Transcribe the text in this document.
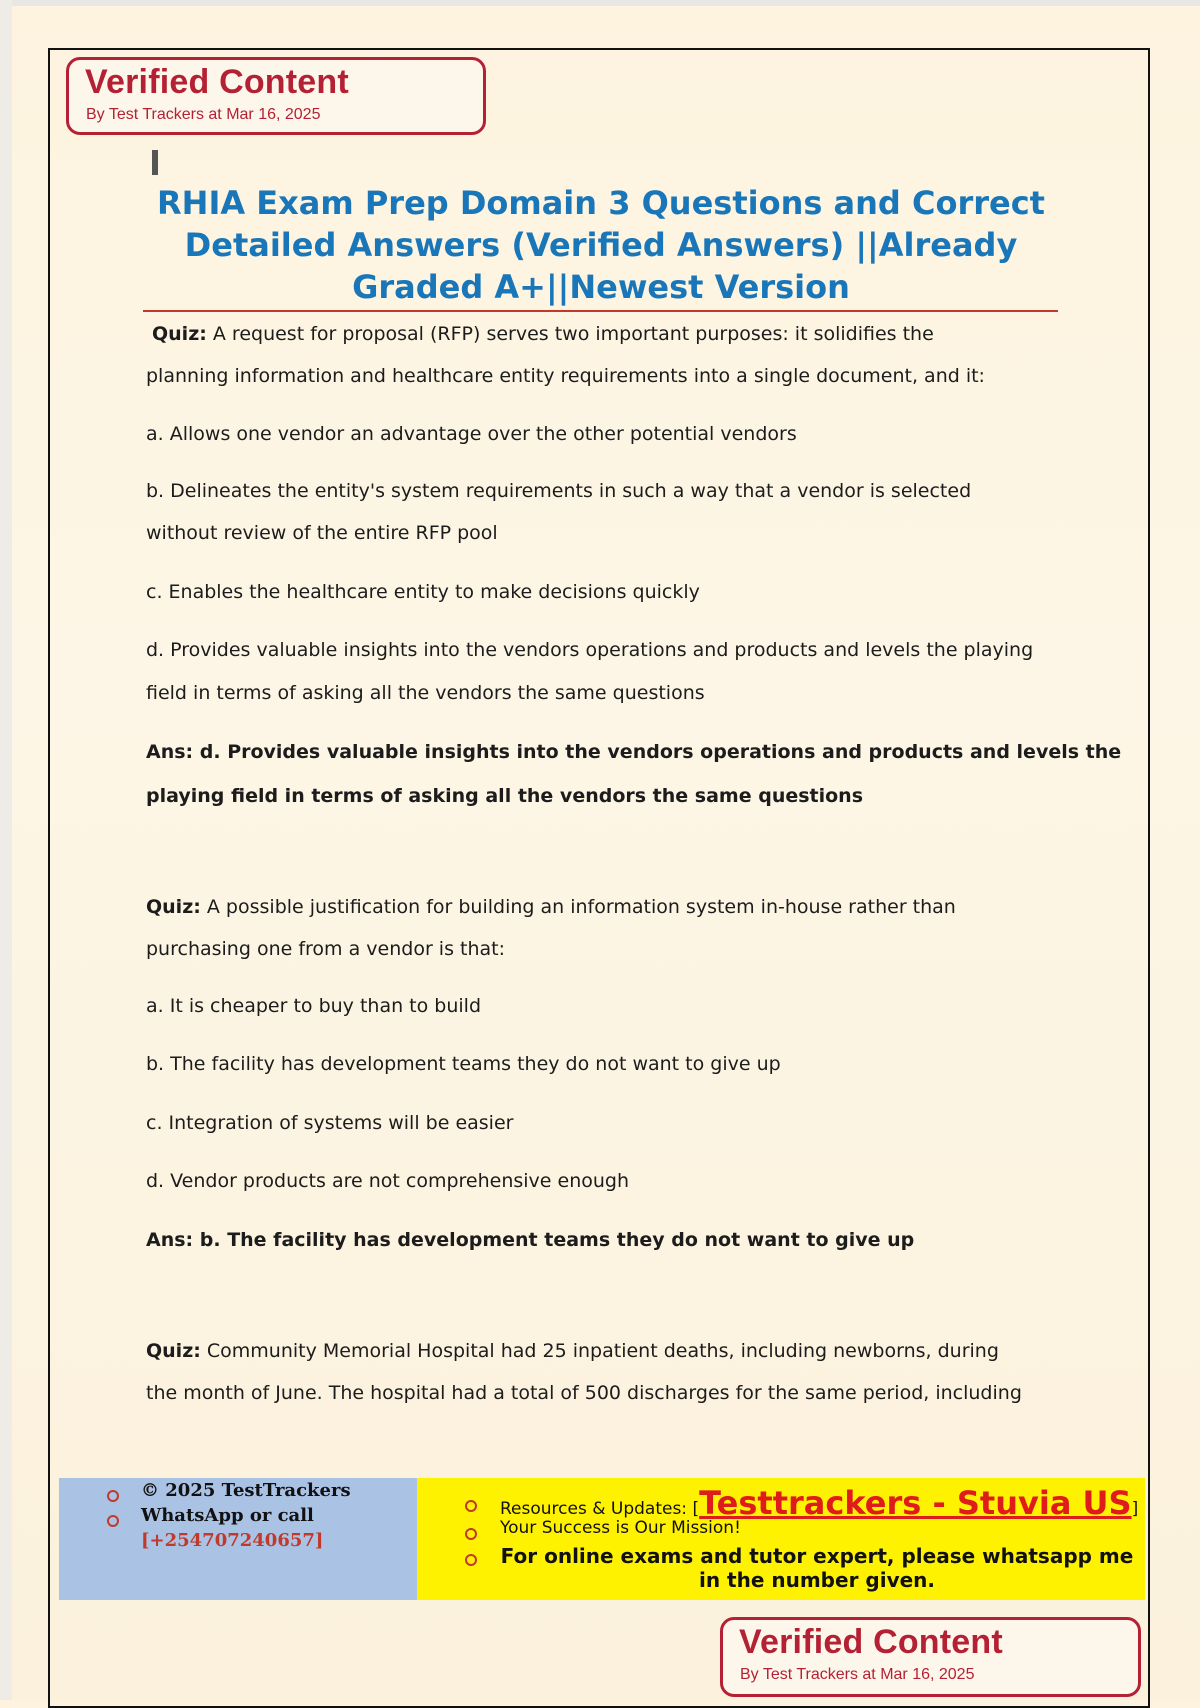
Verified Content
By Test Trackers at Mar 16, 2025
RHIA Exam Prep Domain 3 Questions and Correct
Detailed Answers (Verified Answers) ||Already
Graded A+||Newest Version
Quiz: A request for proposal (RFP) serves two important purposes: it solidifies the
planning information and healthcare entity requirements into a single document, and it:
a. Allows one vendor an advantage over the other potential vendors
b. Delineates the entity's system requirements in such a way that a vendor is selected
without review of the entire RFP pool
c. Enables the healthcare entity to make decisions quickly
d. Provides valuable insights into the vendors operations and products and levels the playing
field in terms of asking all the vendors the same questions
Ans: d. Provides valuable insights into the vendors operations and products and levels the
playing field in terms of asking all the vendors the same questions
Quiz: A possible justification for building an information system in-house rather than
purchasing one from a vendor is that:
a. It is cheaper to buy than to build
b. The facility has development teams they do not want to give up
c. Integration of systems will be easier
d. Vendor products are not comprehensive enough
Ans: b. The facility has development teams they do not want to give up
Quiz: Community Memorial Hospital had 25 inpatient deaths, including newborns, during
the month of June. The hospital had a total of 500 discharges for the same period, including
© 2025 TestTrackers
WhatsApp or call
[+254707240657]
Resources & Updates: [Testtrackers - Stuvia US]
Your Success is Our Mission!
For online exams and tutor expert, please whatsapp me
in the number given.
Verified Content
By Test Trackers at Mar 16, 2025
